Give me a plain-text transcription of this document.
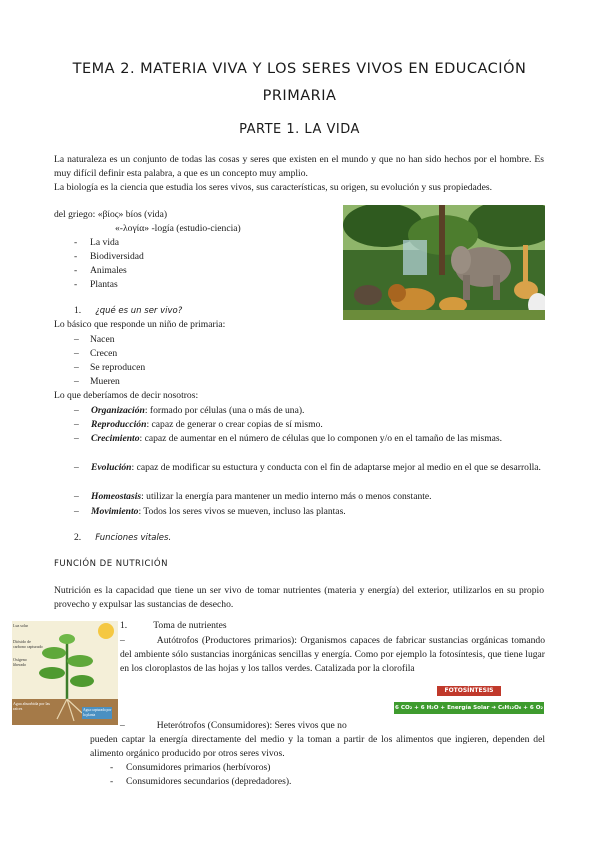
TEMA 2. MATERIA VIVA Y LOS SERES VIVOS EN EDUCACIÓN PRIMARIA
PARTE 1. LA VIDA
La naturaleza es un conjunto de todas las cosas y seres que existen en el mundo y que no han sido hechos por el hombre. Es muy difícil definir esta palabra, a que es un concepto muy amplio.
La biología es la ciencia que estudia los seres vivos, sus características, su origen, su evolución y sus propiedades.
del griego: «βίος» bíos (vida)
«-λογία» -logía (estudio-ciencia)
- La vida
- Biodiversidad
- Animales
- Plantas
1. ¿qué es un ser vivo?
Lo básico que responde un niño de primaria:
– Nacen
– Crecen
– Se reproducen
– Mueren
Lo que deberíamos de decir nosotros:
–	Organización: formado por células (una o más de una).
–	Reproducción: capaz de generar o crear copias de sí mismo.
–	Crecimiento: capaz de aumentar en el número de células que lo componen y/o en el tamaño de las mismas.
–	Evolución: capaz de modificar su estuctura y conducta con el fin de adaptarse mejor al medio en el que se desarrolla.
–	Homeostasis: utilizar la energía para mantener un medio interno más o menos constante.
–	Movimiento: Todos los seres vivos se mueven, incluso las plantas.
2. Funciones vitales.
FUNCIÓN DE NUTRICIÓN
Nutrición es la capacidad que tiene un ser vivo de tomar nutrientes (materia y energía) del exterior, utilizarlos en su propio provecho y expulsar las sustancias de desecho.
Luz solar
Dióxido de carbono capturado
Oxígeno liberado
Agua absorbida por las raíces	Agua capturada por la planta
1.	Toma de nutrientes
–	Autótrofos (Productores primarios): Organismos capaces de fabricar sustancias orgánicas tomando del ambiente sólo sustancias inorgánicas sencillas y energía. Como por ejemplo la fotosíntesis, que tiene lugar en los cloroplastos de las hojas y los tallos verdes. Catalizada por la clorofila
FOTOSÍNTESIS
6 CO₂ + 6 H₂O + Energía Solar ➔ C₆H₁₂O₆ + 6 O₂
–	Heterótrofos (Consumidores): Seres vivos que no
pueden captar la energía directamente del medio y la toman a partir de los alimentos que ingieren, dependen del alimento orgánico producido por otros seres vivos.
- Consumidores primarios (herbívoros)
- Consumidores secundarios (depredadores).
